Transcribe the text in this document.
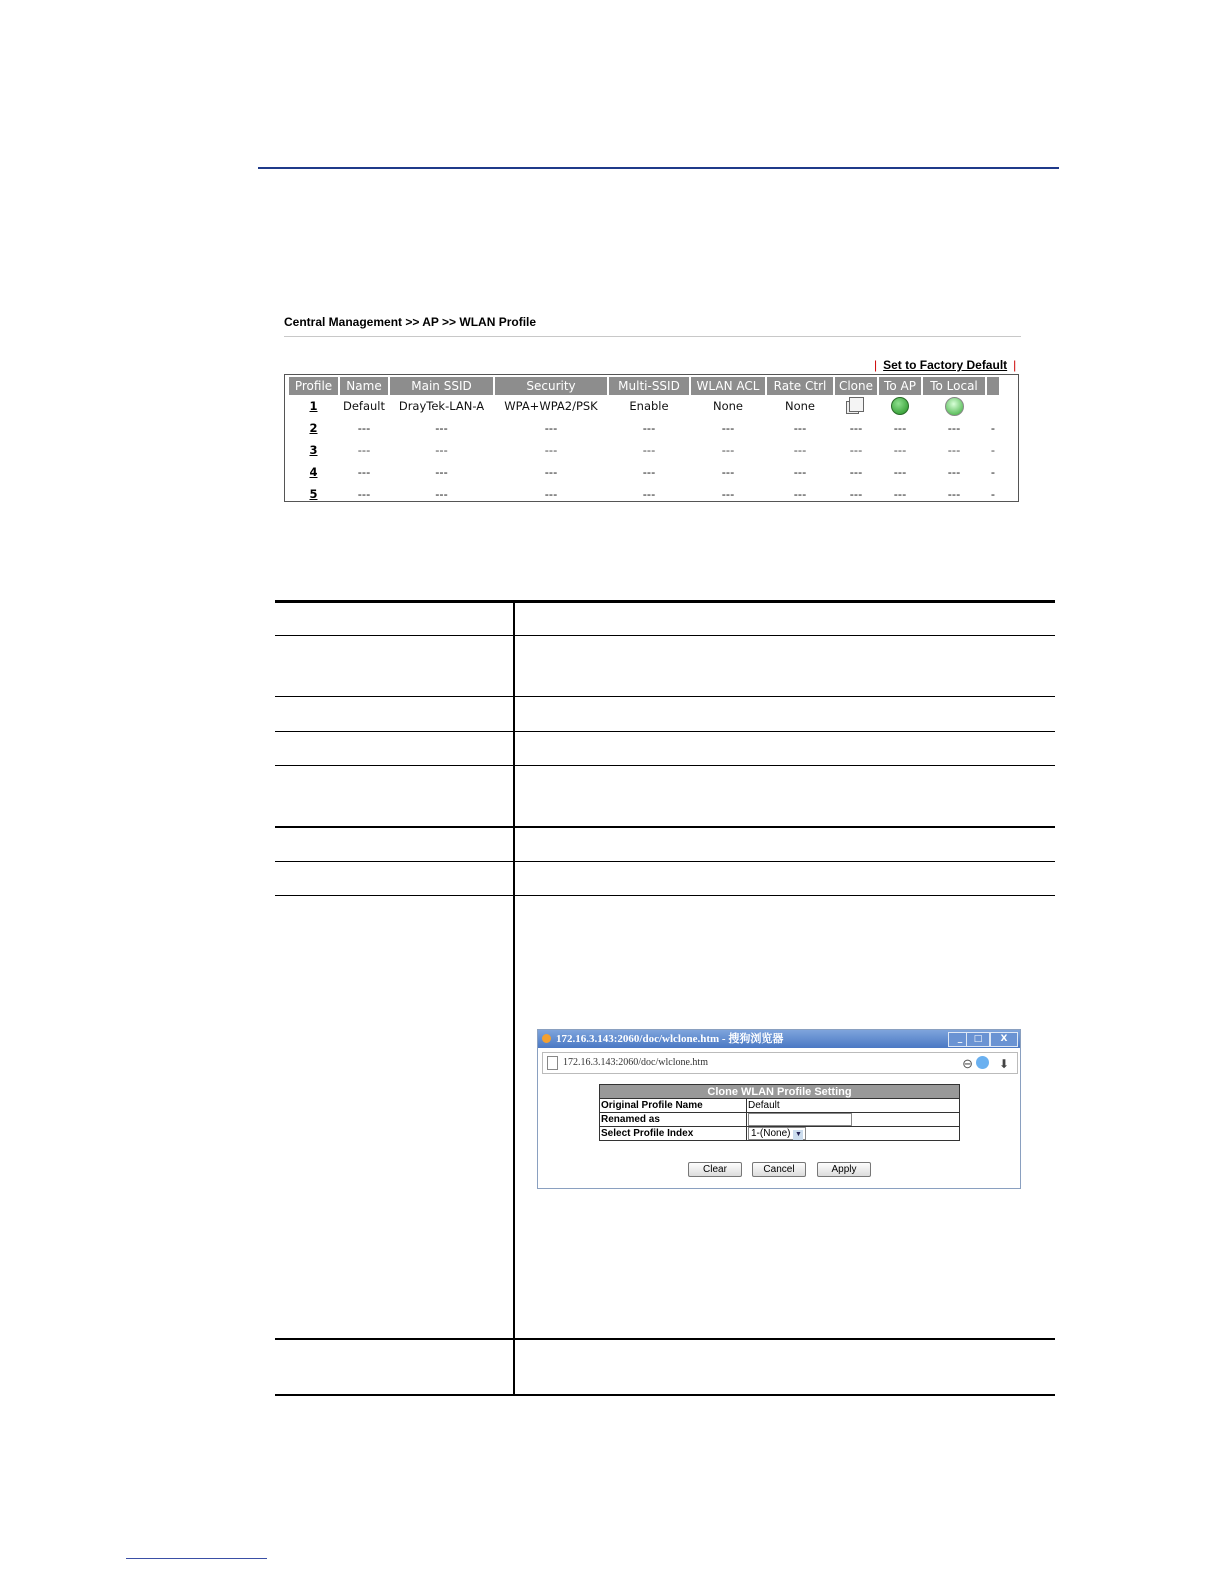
Central Management >> AP >> WLAN Profile
| Set to Factory Default |
Profile	Name	Main SSID	Security	Multi-SSID	WLAN ACL	Rate Ctrl	Clone	To AP	To Local	
1	Default	DrayTek-LAN-A	WPA+WPA2/PSK	Enable	None	None				
2	---	---	---	---	---	---	---	---	---	-
3	---	---	---	---	---	---	---	---	---	-
4	---	---	---	---	---	---	---	---	---	-
5	---	---	---	---	---	---	---	---	---	-
172.16.3.143:2060/doc/wlclone.htm - 搜狗浏览器	_	□	X
172.16.3.143:2060/doc/wlclone.htm	⊖ ⬇
Clone WLAN Profile Setting	
Original Profile Name	Default
Renamed as	
Select Profile Index	1-(None) ▼
Clear	Cancel	Apply
